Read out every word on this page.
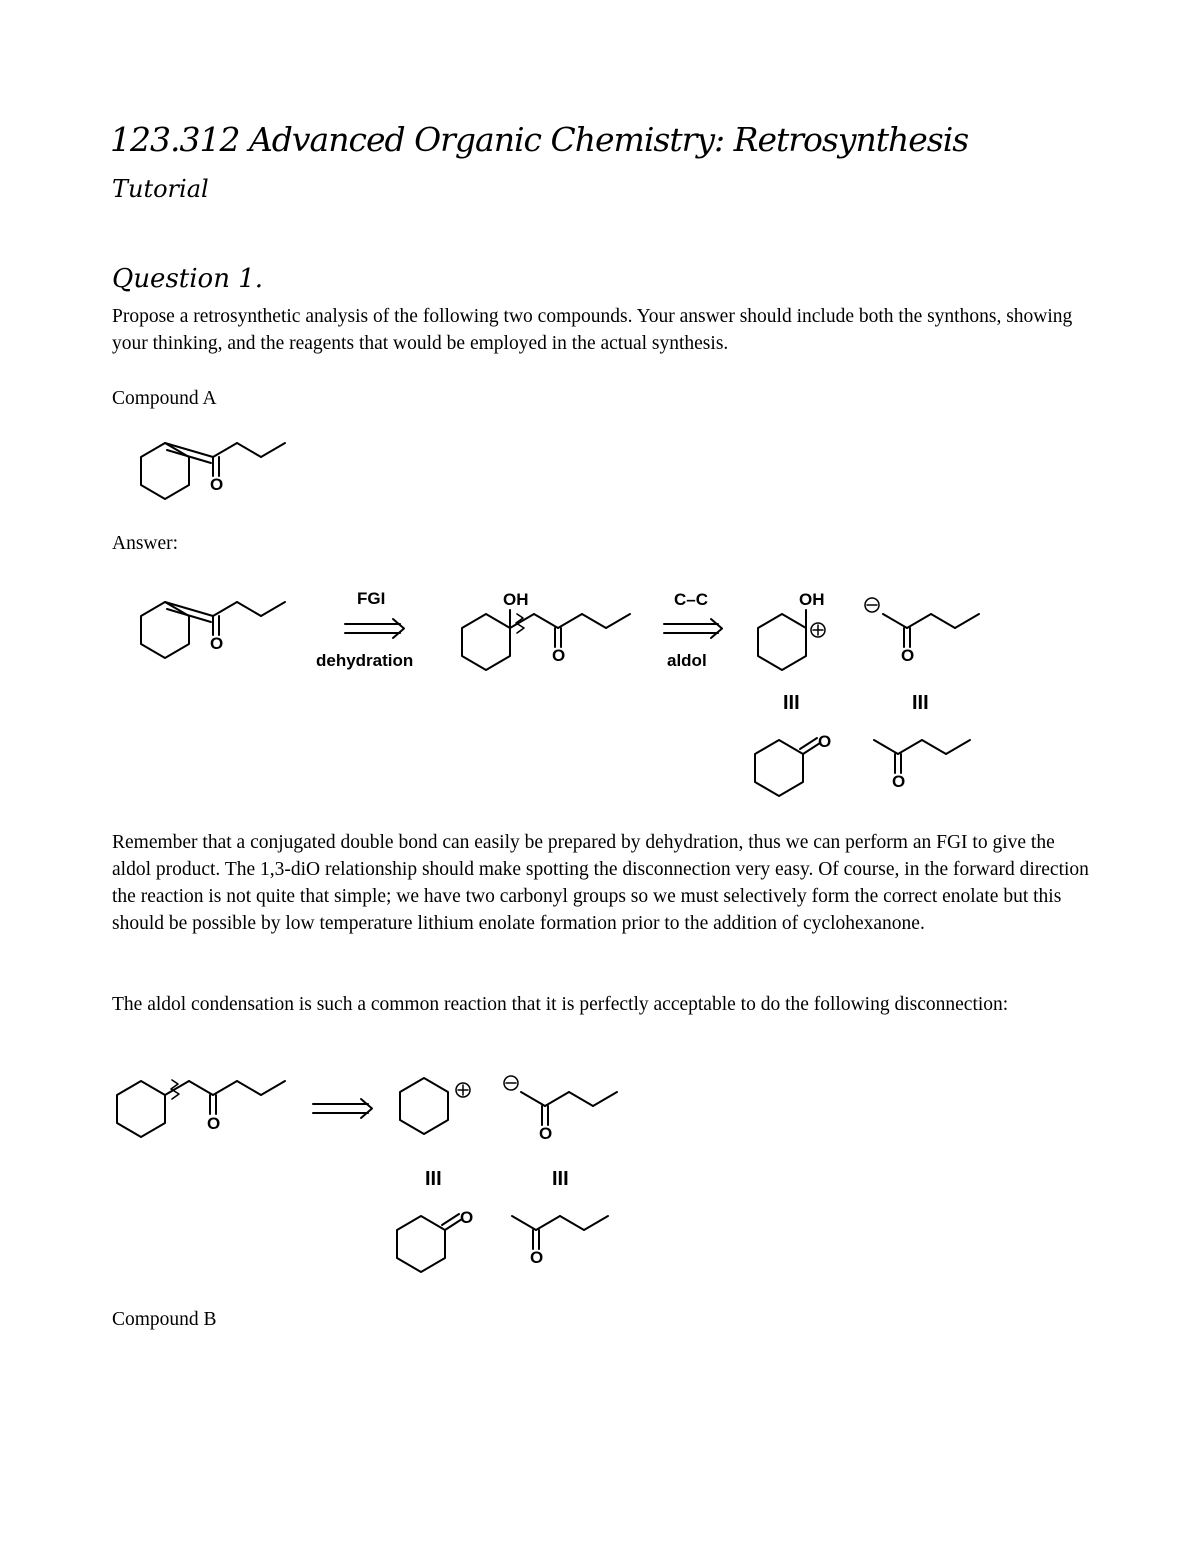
123.312 Advanced Organic Chemistry: Retrosynthesis
Tutorial
Question 1.

Propose a retrosynthetic analysis of the following two compounds. Your answer should include both the synthons, showing your thinking, and the reagents that would be employed in the actual synthesis.

Compound A
Answer:

Remember that a conjugated double bond can easily be prepared by dehydration, thus we can perform an FGI to give the aldol product. The 1,3-diO relationship should make spotting the disconnection very easy. Of course, in the forward direction the reaction is not quite that simple; we have two carbonyl groups so we must selectively form the correct enolate but this should be possible by low temperature lithium enolate formation prior to the addition of cyclohexanone.

The aldol condensation is such a common reaction that it is perfectly acceptable to do the following disconnection:

Compound B
O
O
FGI
dehydration
OH
O
C–C
aldol
OH
O
III	III
O
O
O
O
III	III
O
O
